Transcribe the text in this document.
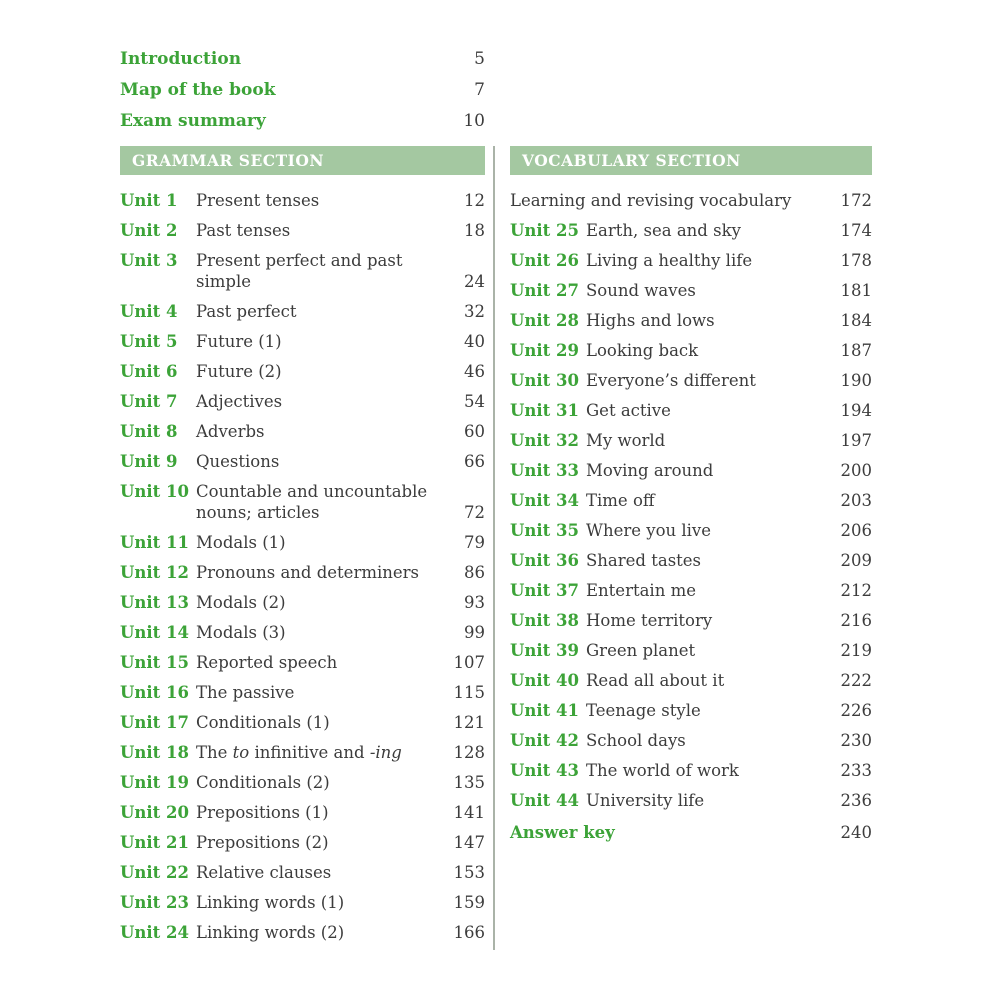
Introduction	5
Map of the book	7
Exam summary	10
GRAMMAR SECTION
Unit 1	Present tenses	12
Unit 2	Past tenses	18
Unit 3	Present perfect and past simple	24
Unit 4	Past perfect	32
Unit 5	Future (1)	40
Unit 6	Future (2)	46
Unit 7	Adjectives	54
Unit 8	Adverbs	60
Unit 9	Questions	66
Unit 10 Countable and uncountable
nouns; articles	72
Unit 11 Modals (1)	79
Unit 12 Pronouns and determiners	86
Unit 13 Modals (2)	93
Unit 14 Modals (3)	99
Unit 15 Reported speech	107
Unit 16 The passive	115
Unit 17 Conditionals (1)	121
Unit 18 The to infinitive and -ing	128
Unit 19 Conditionals (2)	135
Unit 20 Prepositions (1)	141
Unit 21 Prepositions (2)	147
Unit 22 Relative clauses	153
Unit 23 Linking words (1)	159
Unit 24 Linking words (2)	166
VOCABULARY SECTION
Learning and revising vocabulary	172
Unit 25 Earth, sea and sky	174
Unit 26 Living a healthy life	178
Unit 27 Sound waves	181
Unit 28 Highs and lows	184
Unit 29 Looking back	187
Unit 30 Everyone’s different	190
Unit 31 Get active	194
Unit 32 My world	197
Unit 33 Moving around	200
Unit 34 Time off	203
Unit 35 Where you live	206
Unit 36 Shared tastes	209
Unit 37 Entertain me	212
Unit 38 Home territory	216
Unit 39 Green planet	219
Unit 40 Read all about it	222
Unit 41 Teenage style	226
Unit 42 School days	230
Unit 43 The world of work	233
Unit 44 University life	236
Answer key	240
